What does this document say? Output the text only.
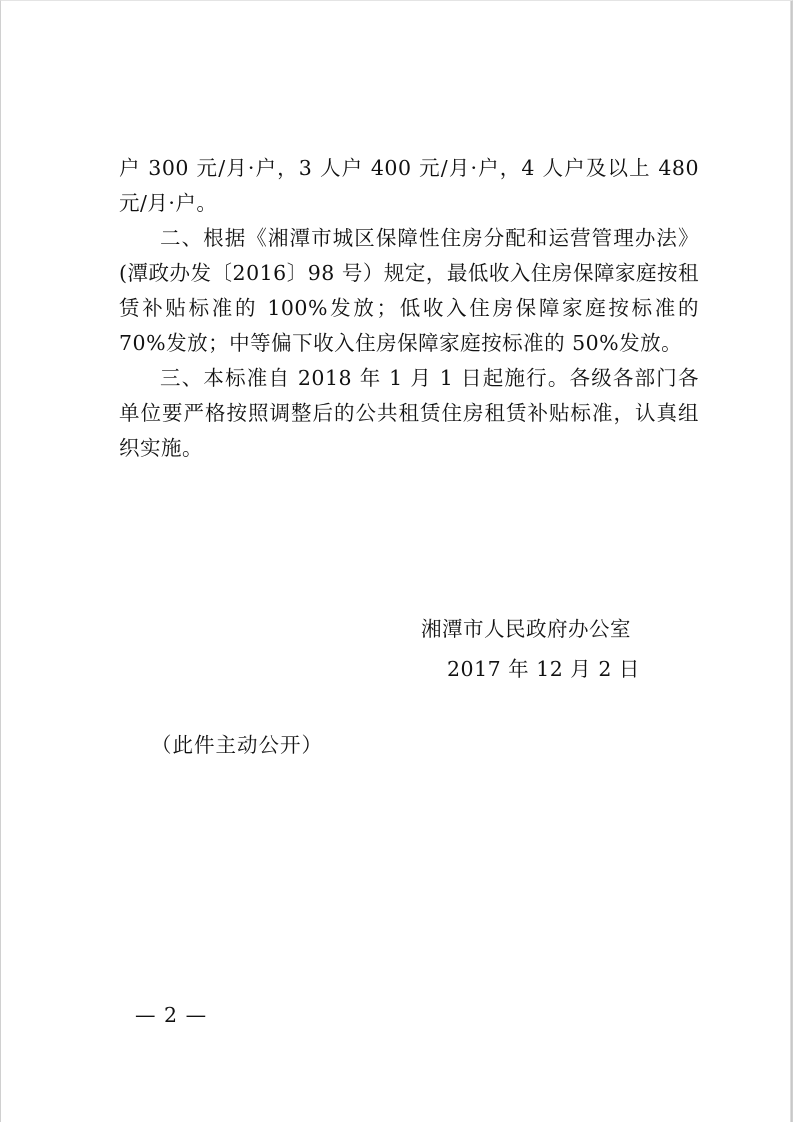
户 300 元/月·户，3 人户 400 元/月·户，4 人户及以上 480 元/月·户。

二、根据《湘潭市城区保障性住房分配和运营管理办法》(潭政办发〔2016〕98 号）规定，最低收入住房保障家庭按租赁补贴标准的 100%发放；低收入住房保障家庭按标准的 70%发放；中等偏下收入住房保障家庭按标准的 50%发放。

三、本标准自 2018 年 1 月 1 日起施行。各级各部门各单位要严格按照调整后的公共租赁住房租赁补贴标准，认真组织实施。

湘潭市人民政府办公室
2017 年 12 月 2 日
（此件主动公开）
— 2 —
